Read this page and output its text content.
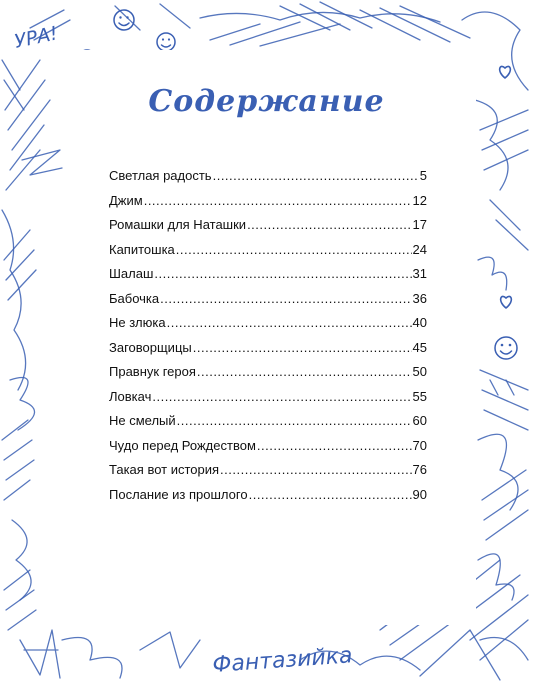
УРА!
Фантазийка
Содержание
Светлая радость .....	5
Джим .....	12
Ромашки для Наташки .....	17
Капитошка .....	24
Шалаш .....	31
Бабочка .....	36
Не злюка .....	40
Заговорщицы .....	45
Правнук героя .....	50
Ловкач .....	55
Не смелый .....	60
Чудо перед Рождеством .....	70
Такая вот история .....	76
Послание из прошлого .....	90
